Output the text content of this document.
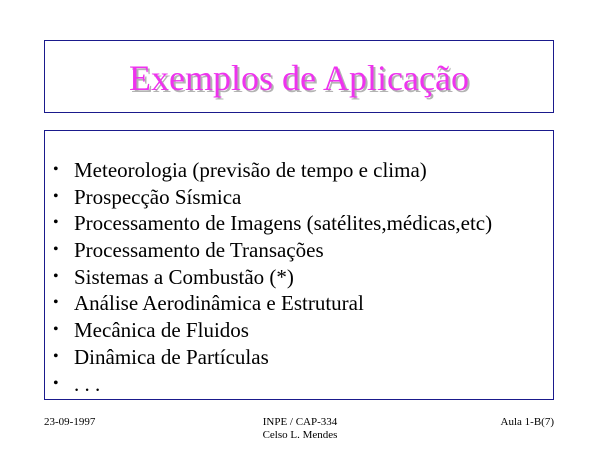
Exemplos de Aplicação
• Meteorologia (previsão de tempo e clima)
• Prospecção Sísmica
• Processamento de Imagens (satélites,médicas,etc)
• Processamento de Transações
• Sistemas a Combustão (*)
• Análise Aerodinâmica e Estrutural
• Mecânica de Fluidos
• Dinâmica de Partículas
• . . .
23-09-1997	INPE / CAP-334
Celso L. Mendes
Aula 1-B(7)
